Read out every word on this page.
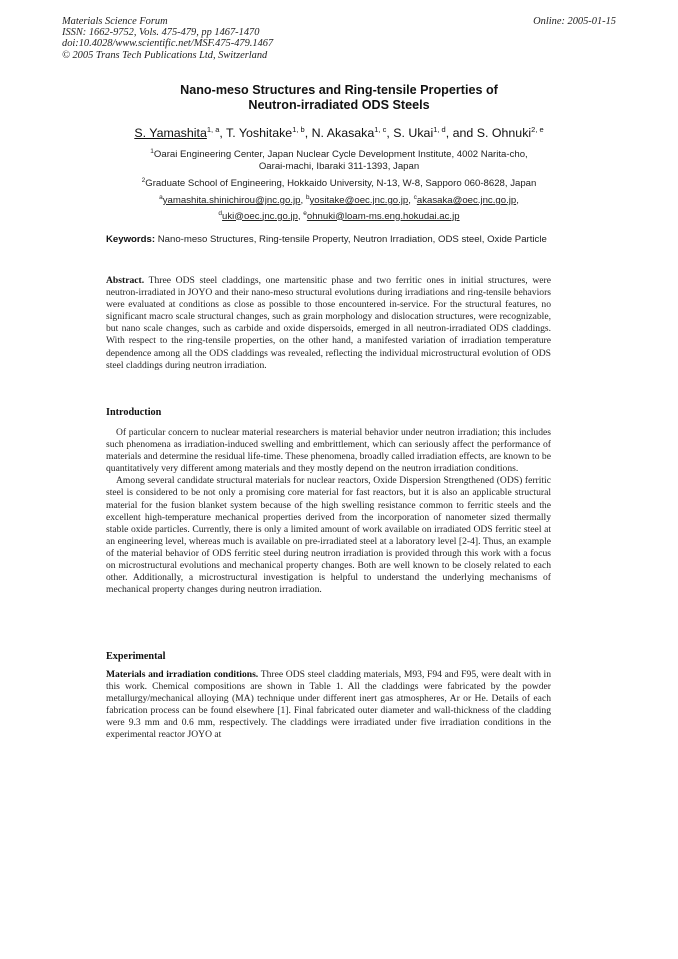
Materials Science Forum
ISSN: 1662-9752, Vols. 475-479, pp 1467-1470
doi:10.4028/www.scientific.net/MSF.475-479.1467
© 2005 Trans Tech Publications Ltd, Switzerland
Online: 2005-01-15
Nano-meso Structures and Ring-tensile Properties of
Neutron-irradiated ODS Steels
S. Yamashita$^{1, a}$, T. Yoshitake$^{1, b}$, N. Akasaka$^{1, c}$, S. Ukai$^{1, d}$, and S. Ohnuki$^{2, e}$
$^1$Oarai Engineering Center, Japan Nuclear Cycle Development Institute, 4002 Narita-cho,
Oarai-machi, Ibaraki 311-1393, Japan
$^2$Graduate School of Engineering, Hokkaido University, N-13, W-8, Sapporo 060-8628, Japan
$^a$yamashita.shinichirou@jnc.go.jp, $^b$yositake@oec.jnc.go.jp, $^c$akasaka@oec.jnc.go.jp,
$^d$uki@oec.jnc.go.jp, $^e$ohnuki@loam-ms.eng.hokudai.ac.jp
Keywords: Nano-meso Structures, Ring-tensile Property, Neutron Irradiation, ODS steel, Oxide Particle

Abstract. Three ODS steel claddings, one martensitic phase and two ferritic ones in initial structures, were neutron-irradiated in JOYO and their nano-meso structural evolutions during irradiations and ring-tensile behaviors were evaluated at conditions as close as possible to those encountered in-service. For the structural features, no significant macro scale structural changes, such as grain morphology and dislocation structures, were recognizable, but nano scale changes, such as carbide and oxide dispersoids, emerged in all neutron-irradiated ODS claddings. With respect to the ring-tensile properties, on the other hand, a manifested variation of irradiation temperature dependence among all the ODS claddings was revealed, reflecting the individual microstructural evolution of ODS steel claddings during neutron irradiation.

Introduction

Of particular concern to nuclear material researchers is material behavior under neutron irradiation; this includes such phenomena as irradiation-induced swelling and embrittlement, which can seriously affect the performance of materials and determine the residual life-time. These phenomena, broadly called irradiation effects, are known to be quantitatively very different among materials and they mostly depend on the neutron irradiation conditions.

Among several candidate structural materials for nuclear reactors, Oxide Dispersion Strengthened (ODS) ferritic steel is considered to be not only a promising core material for fast reactors, but it is also an applicable structural material for the fusion blanket system because of the high swelling resistance common to ferritic steels and the excellent high-temperature mechanical properties derived from the incorporation of nanometer sized thermally stable oxide particles. Currently, there is only a limited amount of work available on irradiated ODS ferritic steel at an engineering level, whereas much is available on pre-irradiated steel at a laboratory level [2-4]. Thus, an example of the material behavior of ODS ferritic steel during neutron irradiation is provided through this work with a focus on microstructural evolutions and mechanical property changes. Both are well known to be closely related to each other. Additionally, a microstructural investigation is helpful to understand the underlying mechanisms of mechanical property changes during neutron irradiation.

Experimental

Materials and irradiation conditions. Three ODS steel cladding materials, M93, F94 and F95, were dealt with in this work. Chemical compositions are shown in Table 1. All the claddings were fabricated by the powder metallurgy/mechanical alloying (MA) technique under different inert gas atmospheres, Ar or He. Details of each fabrication process can be found elsewhere [1]. Final fabricated outer diameter and wall-thickness of the cladding were 9.3 mm and 0.6 mm, respectively. The claddings were irradiated under five irradiation conditions in the experimental reactor JOYO at
